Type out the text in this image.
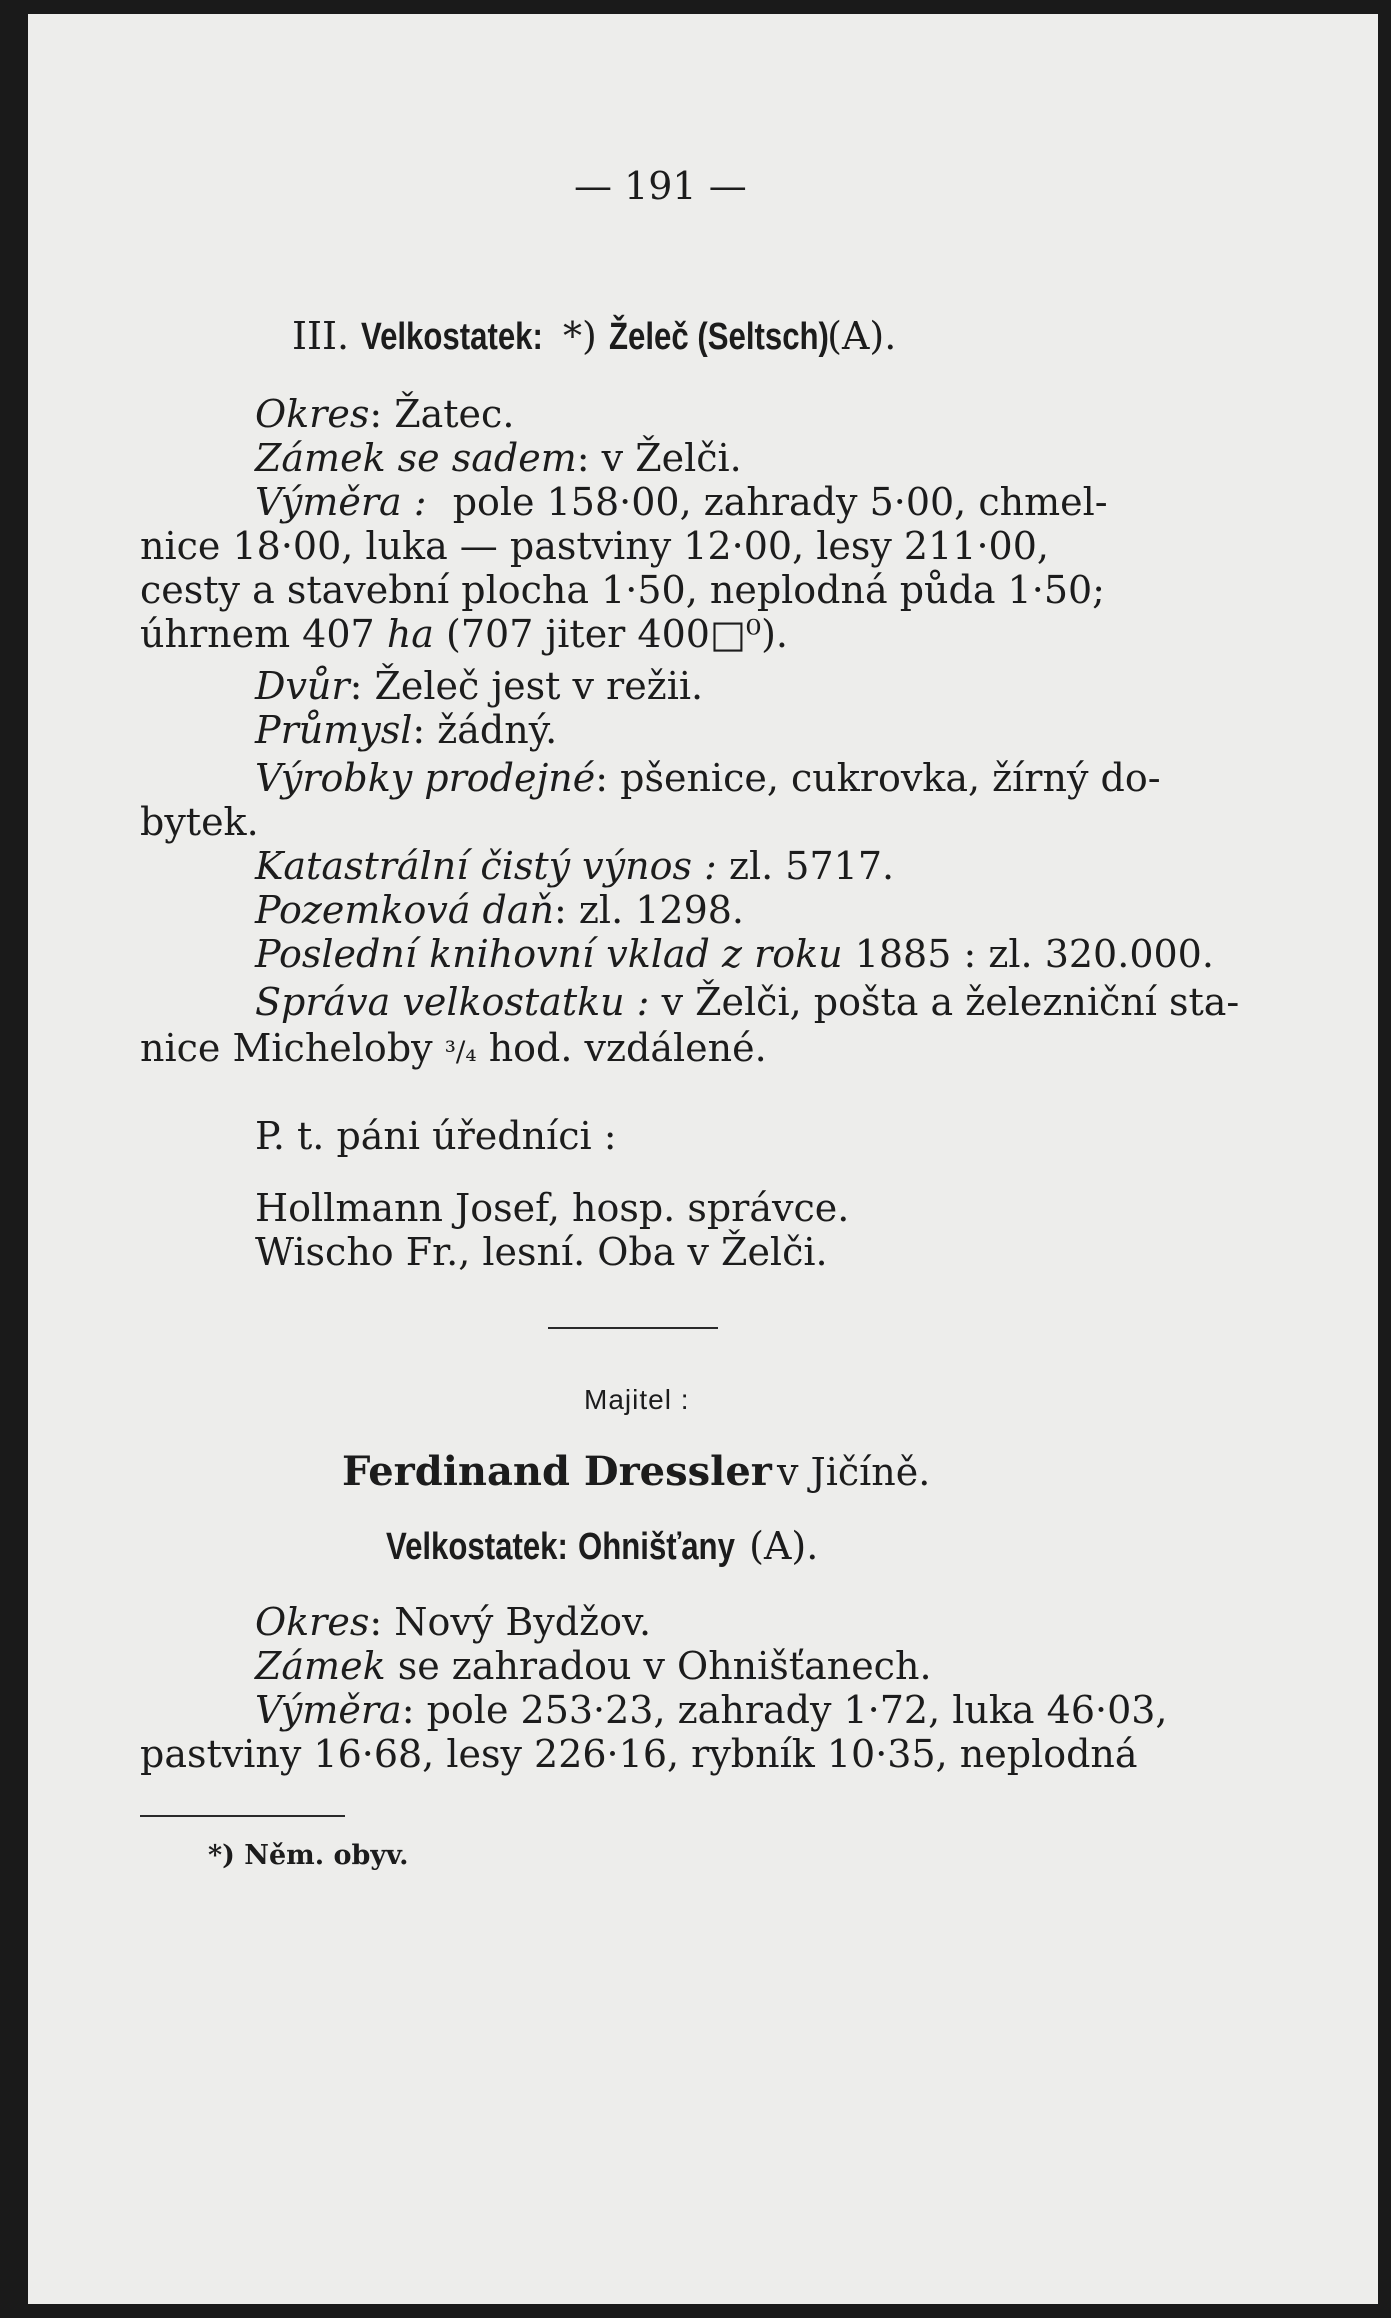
— 191 —
III. Velkostatek: *) Želeč (Seltsch)(A).
Okres: Žatec.
Zámek se sadem: v Želči.
Výměra : pole 158·00, zahrady 5·00, chmel-
nice 18·00, luka — pastviny 12·00, lesy 211·00,
cesty a stavební plocha 1·50, neplodná půda 1·50;
úhrnem 407 ha (707 jiter 400□⁰).
Dvůr: Želeč jest v režii.
Průmysl: žádný.
Výrobky prodejné: pšenice, cukrovka, žírný do-
bytek.
Katastrální čistý výnos : zl. 5717.
Pozemková daň: zl. 1298.
Poslední knihovní vklad z roku 1885 : zl. 320.000.
Správa velkostatku : v Želči, pošta a železniční sta-
nice Micheloby ³/₄ hod. vzdálené.
P. t. páni úředníci :
Hollmann Josef, hosp. správce.
Wischo Fr., lesní. Oba v Želči.
Majitel :
Ferdinand Dressler v Jičíně.
Velkostatek: Ohnišťany (A).
Okres: Nový Bydžov.
Zámek se zahradou v Ohnišťanech.
Výměra: pole 253·23, zahrady 1·72, luka 46·03,
pastviny 16·68, lesy 226·16, rybník 10·35, neplodná
*) Něm. obyv.
